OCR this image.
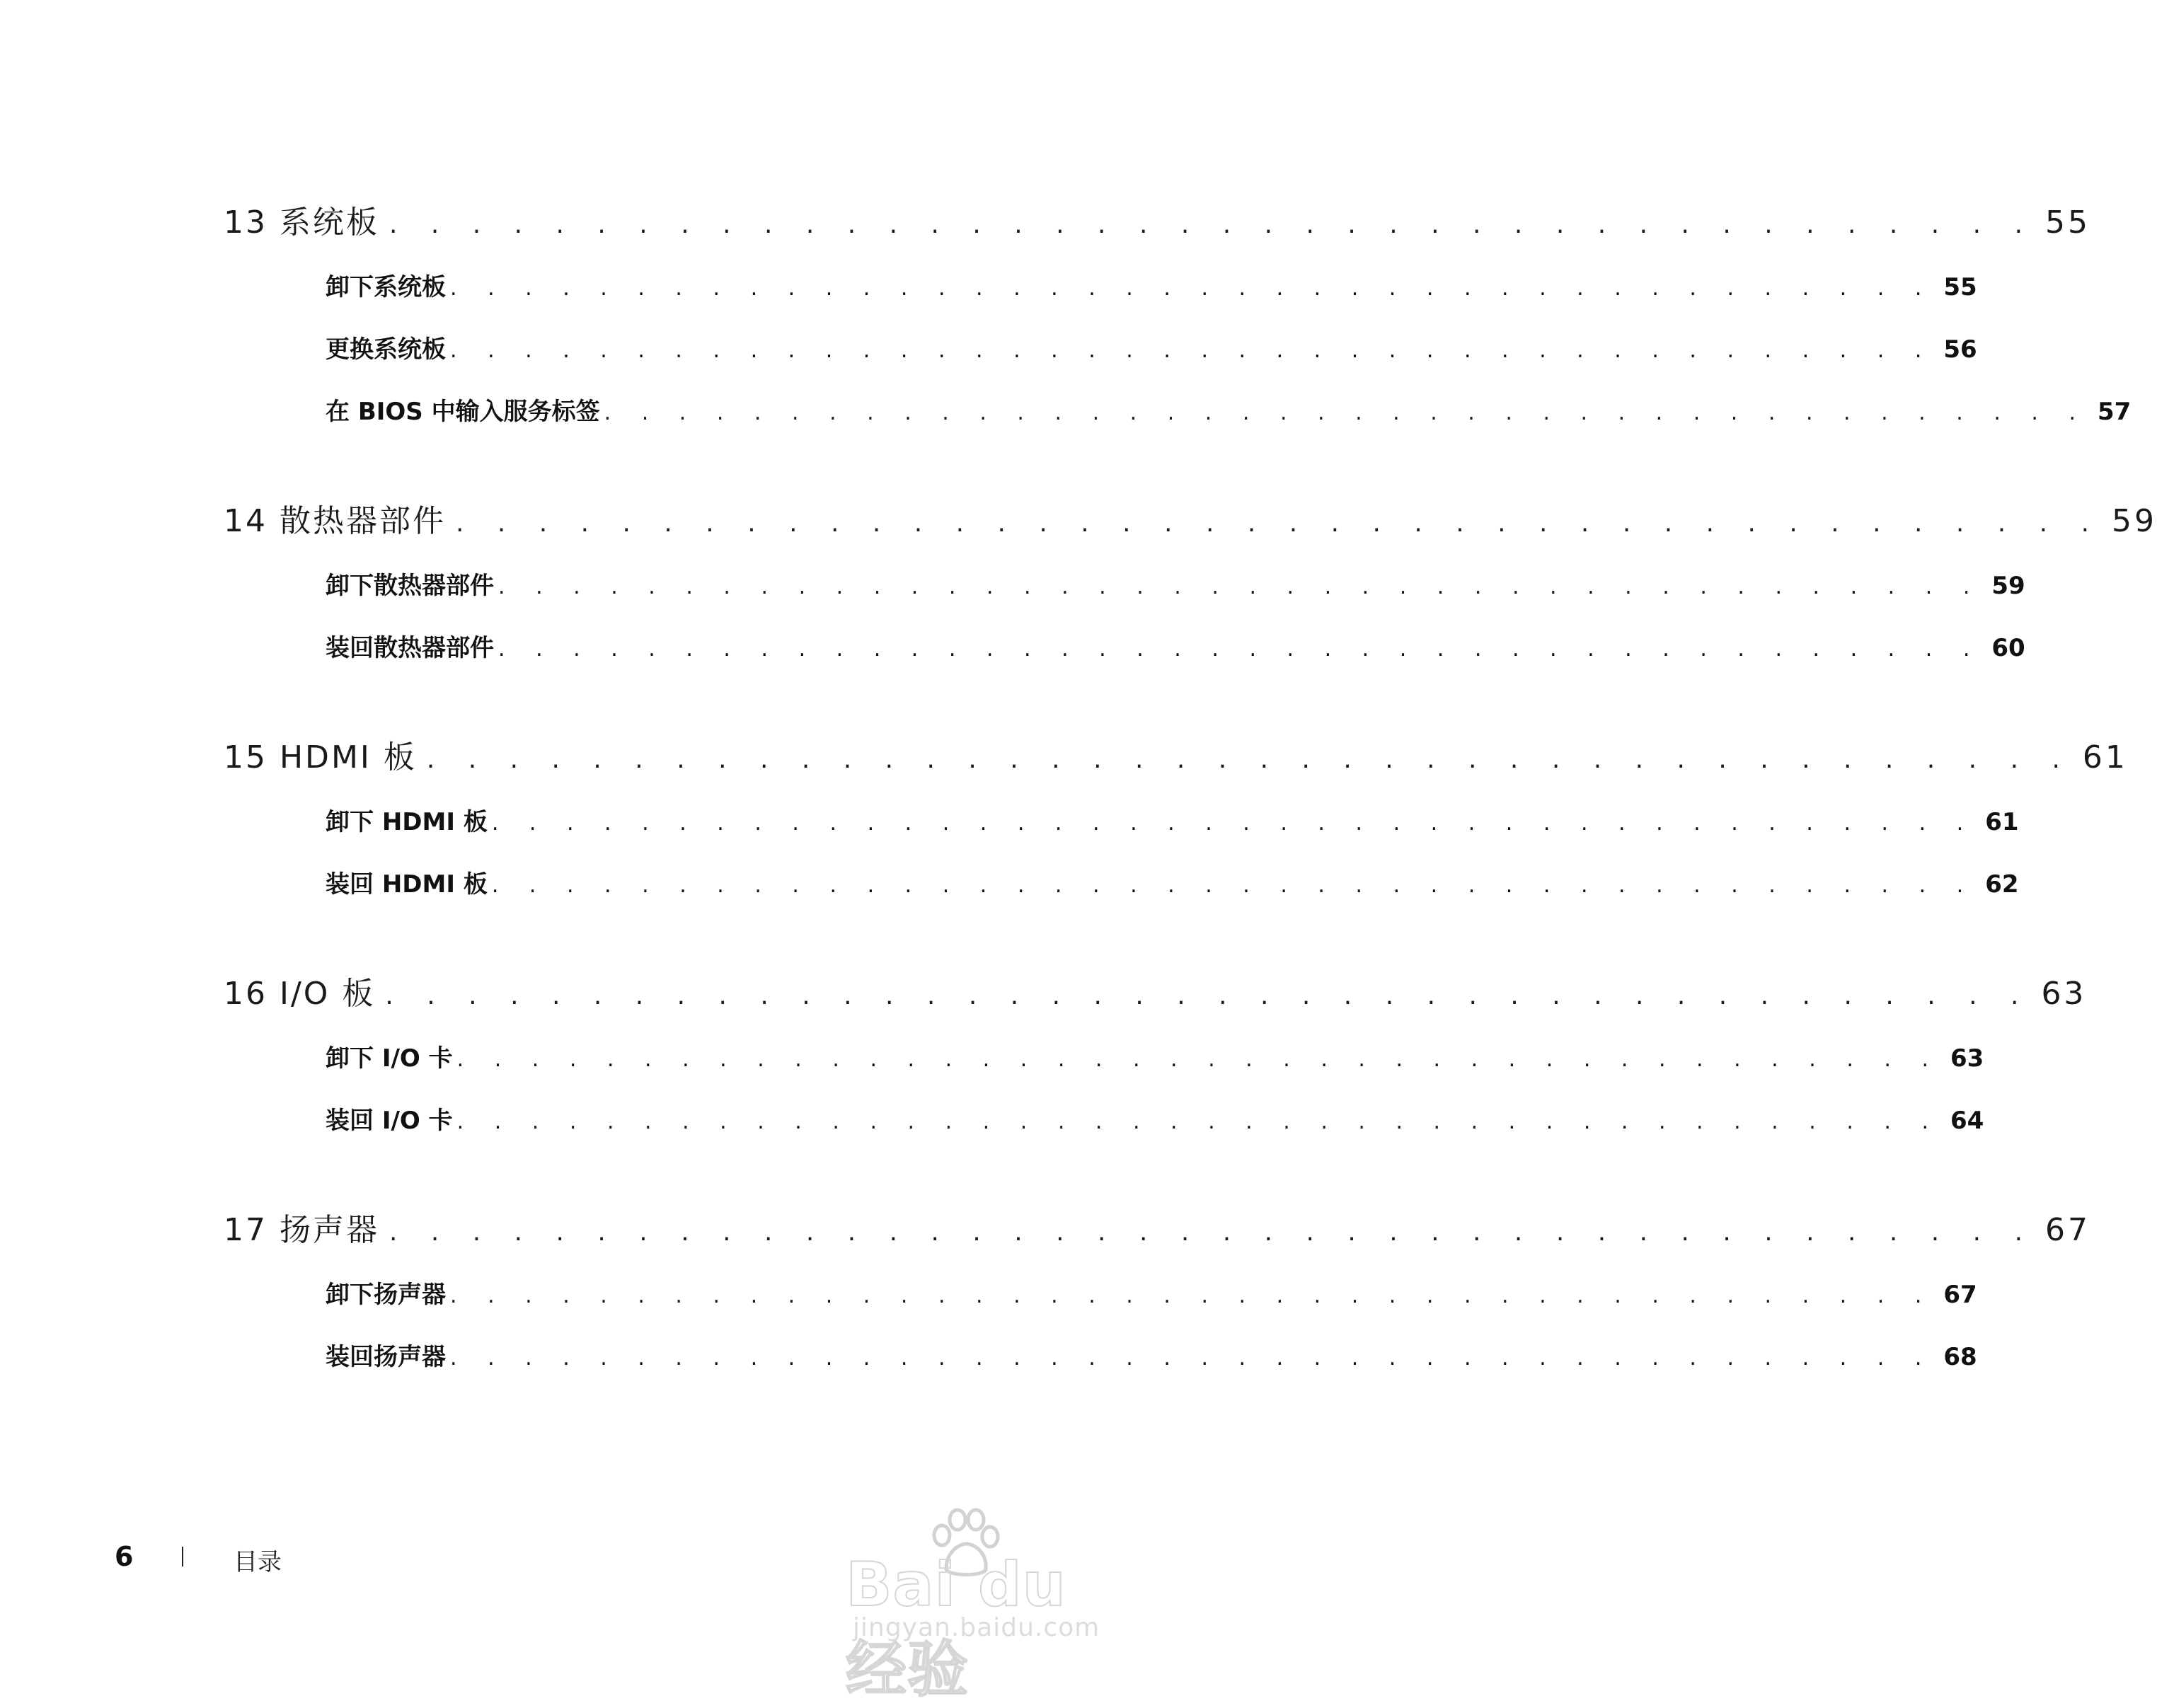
13 系统板 . . . . . . . . . . . . . . . . . . . . . . . . . . . . . . . . . . . . . . . . 55
卸下系统板 . . . . . . . . . . . . . . . . . . . . . . . . . . . . . . . . . . . . . . . . 55
更换系统板 . . . . . . . . . . . . . . . . . . . . . . . . . . . . . . . . . . . . . . . . 56
在 BIOS 中输入服务标签 . . . . . . . . . . . . . . . . . . . . . . . . . . . . . . . . . . . . . . . . 57
14 散热器部件 . . . . . . . . . . . . . . . . . . . . . . . . . . . . . . . . . . . . . . . . 59
卸下散热器部件 . . . . . . . . . . . . . . . . . . . . . . . . . . . . . . . . . . . . . . . . 59
装回散热器部件 . . . . . . . . . . . . . . . . . . . . . . . . . . . . . . . . . . . . . . . . 60
15 HDMI 板 . . . . . . . . . . . . . . . . . . . . . . . . . . . . . . . . . . . . . . . . 61
卸下 HDMI 板 . . . . . . . . . . . . . . . . . . . . . . . . . . . . . . . . . . . . . . . . 61
装回 HDMI 板 . . . . . . . . . . . . . . . . . . . . . . . . . . . . . . . . . . . . . . . . 62
16 I/O 板 . . . . . . . . . . . . . . . . . . . . . . . . . . . . . . . . . . . . . . . . 63
卸下 I/O 卡 . . . . . . . . . . . . . . . . . . . . . . . . . . . . . . . . . . . . . . . . 63
装回 I/O 卡 . . . . . . . . . . . . . . . . . . . . . . . . . . . . . . . . . . . . . . . . 64
17 扬声器 . . . . . . . . . . . . . . . . . . . . . . . . . . . . . . . . . . . . . . . . 67
卸下扬声器 . . . . . . . . . . . . . . . . . . . . . . . . . . . . . . . . . . . . . . . . 67
装回扬声器 . . . . . . . . . . . . . . . . . . . . . . . . . . . . . . . . . . . . . . . . 68
6	目录	Bai du 经验
jingyan.baidu.com
